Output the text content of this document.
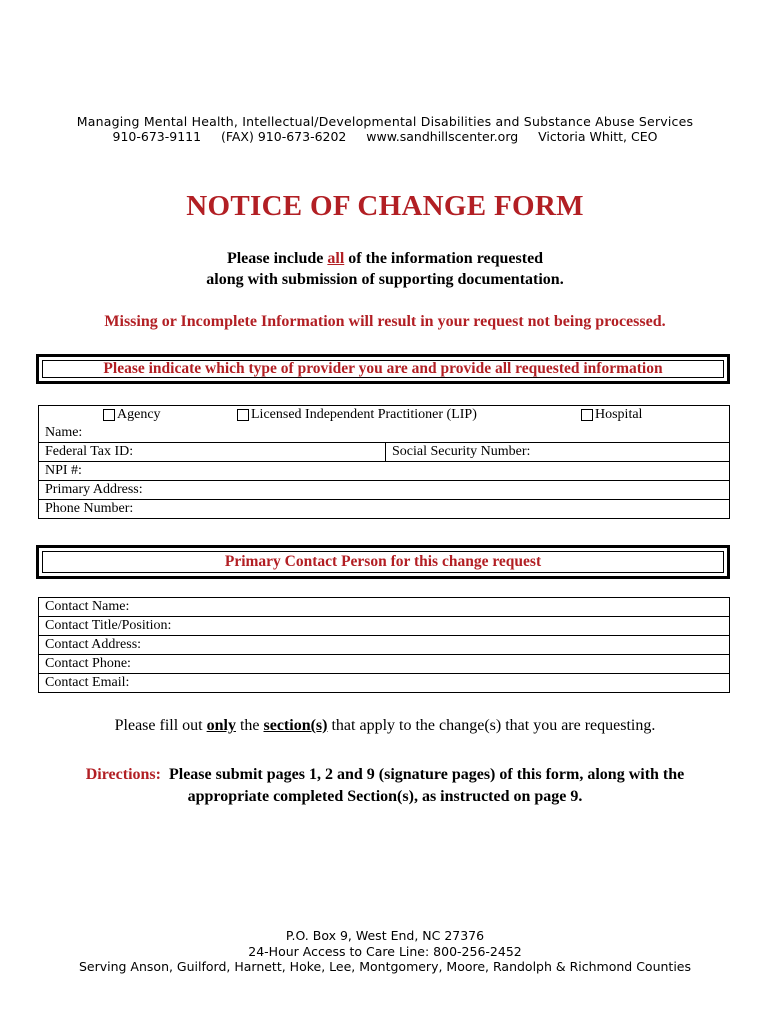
Managing Mental Health, Intellectual/Developmental Disabilities and Substance Abuse Services
910-673-9111 (FAX) 910-673-6202 www.sandhillscenter.org Victoria Whitt, CEO
NOTICE OF CHANGE FORM
Please include all of the information requested
along with submission of supporting documentation.
Missing or Incomplete Information will result in your request not being processed.
Please indicate which type of provider you are and provide all requested information
Agency	Licensed Independent Practitioner (LIP)	Hospital
Name:
Federal Tax ID:	Social Security Number:
NPI #:
Primary Address:
Phone Number:
Primary Contact Person for this change request
Contact Name:
Contact Title/Position:
Contact Address:
Contact Phone:
Contact Email:
Please fill out only the section(s) that apply to the change(s) that you are requesting.
Directions:  Please submit pages 1, 2 and 9 (signature pages) of this form, along with the
appropriate completed Section(s), as instructed on page 9.
P.O. Box 9, West End, NC 27376
24-Hour Access to Care Line: 800-256-2452
Serving Anson, Guilford, Harnett, Hoke, Lee, Montgomery, Moore, Randolph & Richmond Counties
